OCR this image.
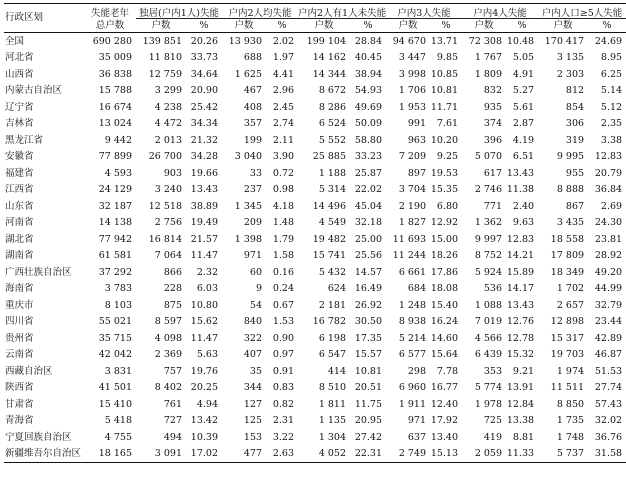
行政区划	失能老年	独居(户内1人)失能		户内2人均失能		户内2人有1人未失能		户内3人失能		户内4人失能		户内人口≥5人失能	
	总户数	户数	%	户数	%	户数	%	户数	%	户数	%	户数	%
全国	690 280	139 851	20.26	13 930	2.02	199 104	28.84	94 670	13.71	72 308	10.48	170 417	24.69
河北省	35 009	11 810	33.73	688	1.97	14 162	40.45	3 447	9.85	1 767	5.05	3 135	8.95
山西省	36 838	12 759	34.64	1 625	4.41	14 344	38.94	3 998	10.85	1 809	4.91	2 303	6.25
内蒙古自治区	15 788	3 299	20.90	467	2.96	8 672	54.93	1 706	10.81	832	5.27	812	5.14
辽宁省	16 674	4 238	25.42	408	2.45	8 286	49.69	1 953	11.71	935	5.61	854	5.12
吉林省	13 024	4 472	34.34	357	2.74	6 524	50.09	991	7.61	374	2.87	306	2.35
黑龙江省	9 442	2 013	21.32	199	2.11	5 552	58.80	963	10.20	396	4.19	319	3.38
安徽省	77 899	26 700	34.28	3 040	3.90	25 885	33.23	7 209	9.25	5 070	6.51	9 995	12.83
福建省	4 593	903	19.66	33	0.72	1 188	25.87	897	19.53	617	13.43	955	20.79
江西省	24 129	3 240	13.43	237	0.98	5 314	22.02	3 704	15.35	2 746	11.38	8 888	36.84
山东省	32 187	12 518	38.89	1 345	4.18	14 496	45.04	2 190	6.80	771	2.40	867	2.69
河南省	14 138	2 756	19.49	209	1.48	4 549	32.18	1 827	12.92	1 362	9.63	3 435	24.30
湖北省	77 942	16 814	21.57	1 398	1.79	19 482	25.00	11 693	15.00	9 997	12.83	18 558	23.81
湖南省	61 581	7 064	11.47	971	1.58	15 741	25.56	11 244	18.26	8 752	14.21	17 809	28.92
广西壮族自治区	37 292	866	2.32	60	0.16	5 432	14.57	6 661	17.86	5 924	15.89	18 349	49.20
海南省	3 783	228	6.03	9	0.24	624	16.49	684	18.08	536	14.17	1 702	44.99
重庆市	8 103	875	10.80	54	0.67	2 181	26.92	1 248	15.40	1 088	13.43	2 657	32.79
四川省	55 021	8 597	15.62	840	1.53	16 782	30.50	8 938	16.24	7 019	12.76	12 898	23.44
贵州省	35 715	4 098	11.47	322	0.90	6 198	17.35	5 214	14.60	4 566	12.78	15 317	42.89
云南省	42 042	2 369	5.63	407	0.97	6 547	15.57	6 577	15.64	6 439	15.32	19 703	46.87
西藏自治区	3 831	757	19.76	35	0.91	414	10.81	298	7.78	353	9.21	1 974	51.53
陕西省	41 501	8 402	20.25	344	0.83	8 510	20.51	6 960	16.77	5 774	13.91	11 511	27.74
甘肃省	15 410	761	4.94	127	0.82	1 811	11.75	1 911	12.40	1 978	12.84	8 850	57.43
青海省	5 418	727	13.42	125	2.31	1 135	20.95	971	17.92	725	13.38	1 735	32.02
宁夏回族自治区	4 755	494	10.39	153	3.22	1 304	27.42	637	13.40	419	8.81	1 748	36.76
新疆维吾尔自治区	18 165	3 091	17.02	477	2.63	4 052	22.31	2 749	15.13	2 059	11.33	5 737	31.58
